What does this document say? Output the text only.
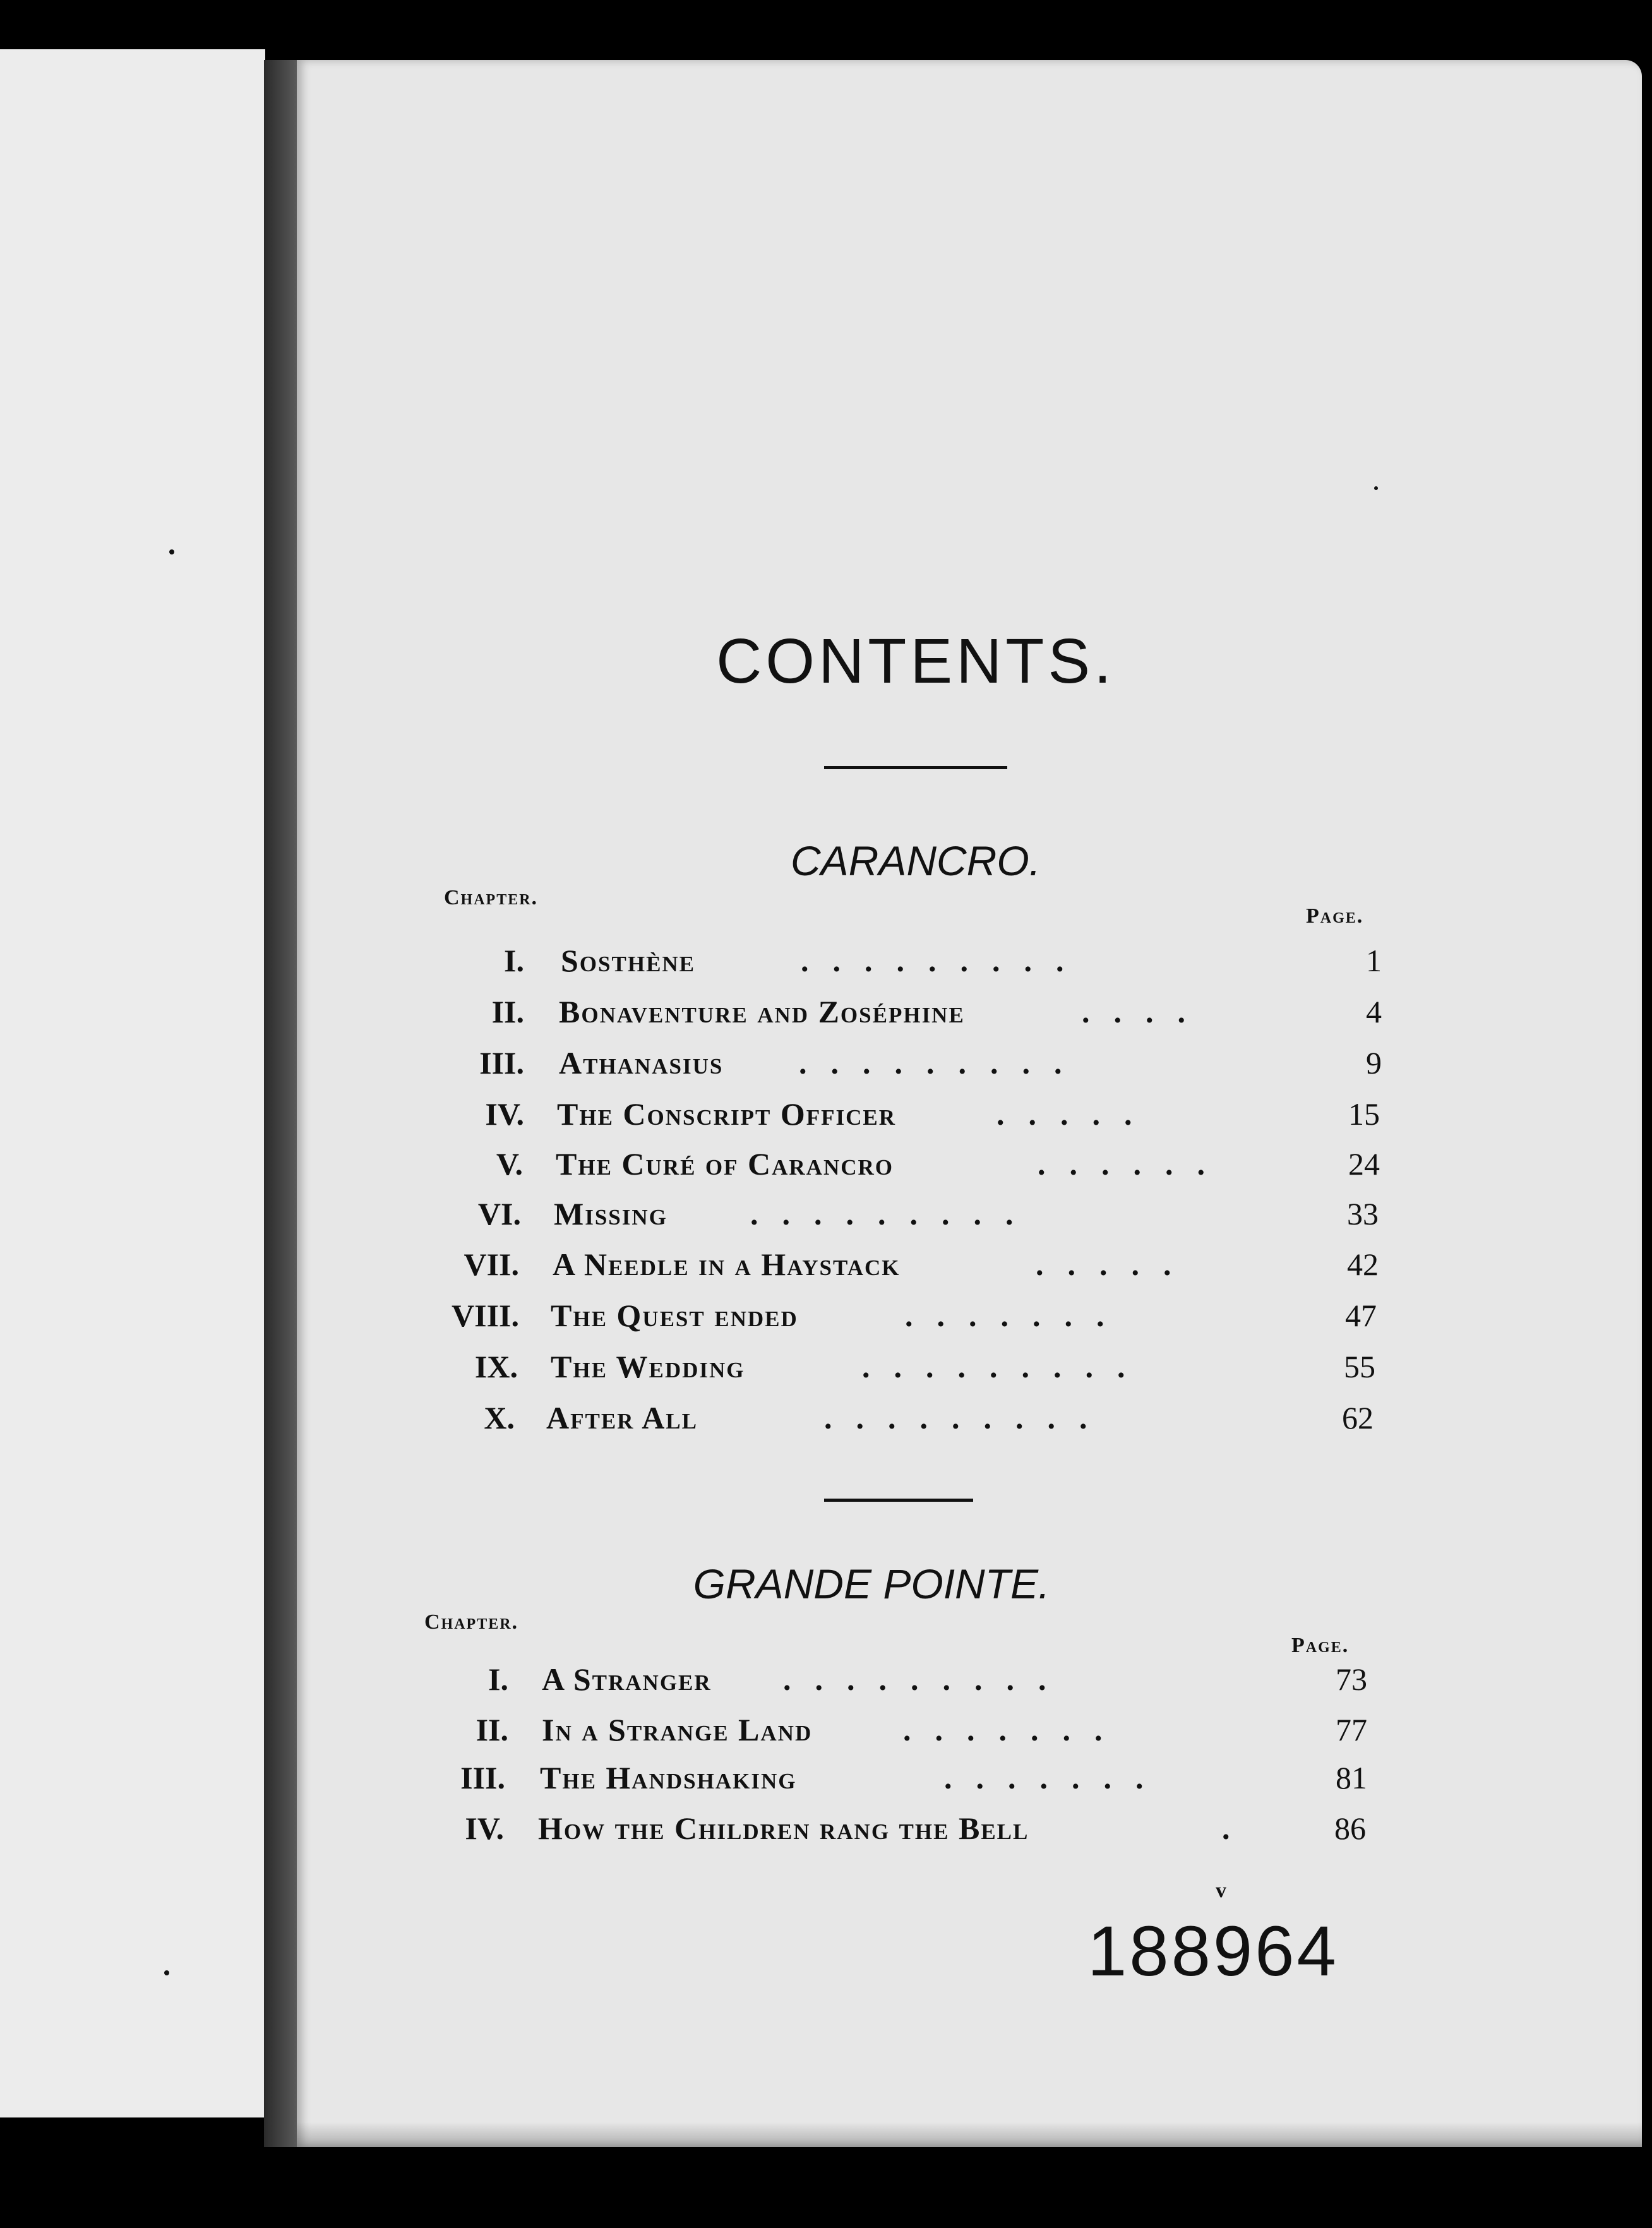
CONTENTS.
CARANCRO.
Chapter.
Page.
I. Sosthène	.........	1
II. Bonaventure and Zoséphine	....	4
III. Athanasius .........	9
IV. The Conscript Officer	.....	15
V. The Curé of Carancro	......	24
VI. Missing	.........	33
VII. A Needle in a Haystack	.....	42
VIII. The Quest ended	.......	47
IX. The Wedding	.........	55
X. After All	.........	62
GRANDE POINTE.
Chapter.
Page.
I. A Stranger .........	73
II. In a Strange Land	.......	77
III. The Handshaking	.......	81
IV. How the Children rang the Bell	.	86
v
188964
